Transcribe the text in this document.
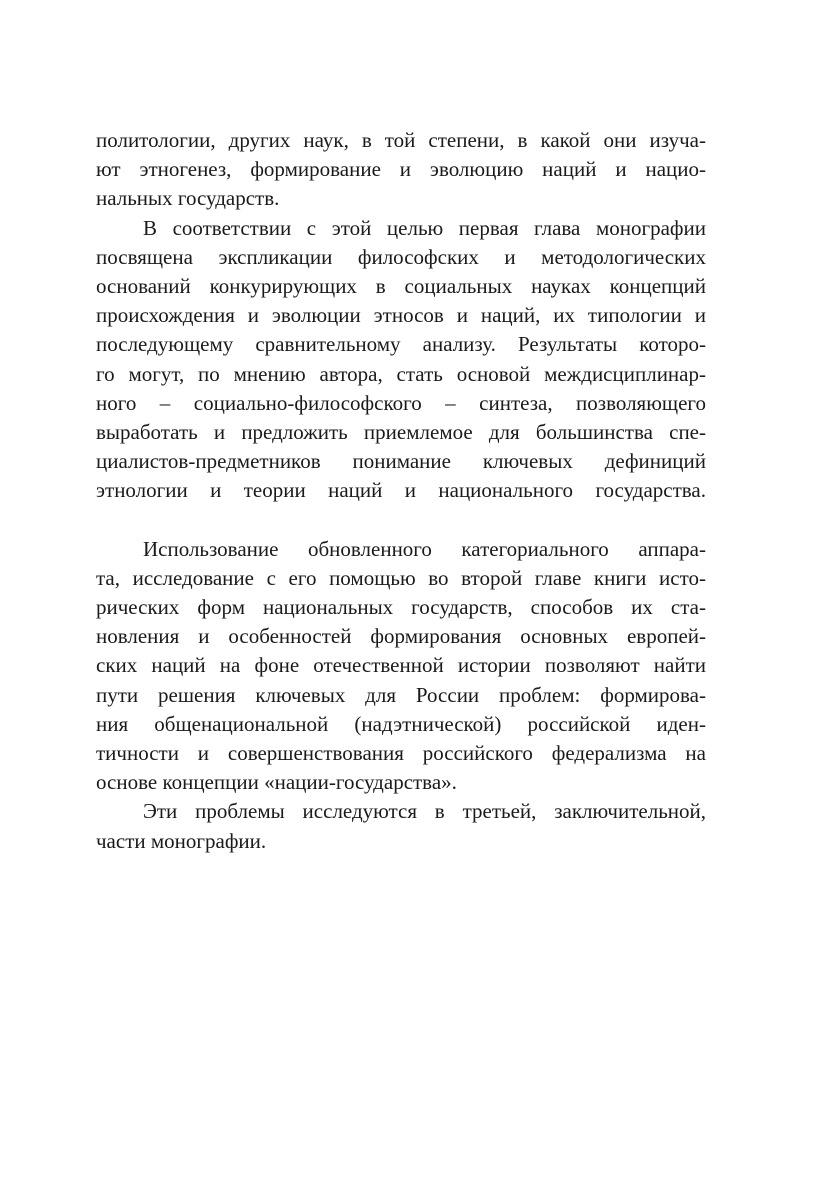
политологии, других наук, в той степени, в какой они изуча-
ют этногенез, формирование и эволюцию наций и нацио-
нальных государств.
В соответствии с этой целью первая глава монографии
посвящена экспликации философских и методологических
оснований конкурирующих в социальных науках концепций
происхождения и эволюции этносов и наций, их типологии и
последующему сравнительному анализу. Результаты которо-
го могут, по мнению автора, стать основой междисциплинар-
ного – социально-философского – синтеза, позволяющего
выработать и предложить приемлемое для большинства спе-
циалистов-предметников понимание ключевых дефиниций
этнологии и теории наций и национального государства.
Использование обновленного категориального аппара-
та, исследование с его помощью во второй главе книги исто-
рических форм национальных государств, способов их ста-
новления и особенностей формирования основных европей-
ских наций на фоне отечественной истории позволяют найти
пути решения ключевых для России проблем: формирова-
ния общенациональной (надэтнической) российской иден-
тичности и совершенствования российского федерализма на
основе концепции «нации-государства».
Эти проблемы исследуются в третьей, заключительной,
части монографии.
